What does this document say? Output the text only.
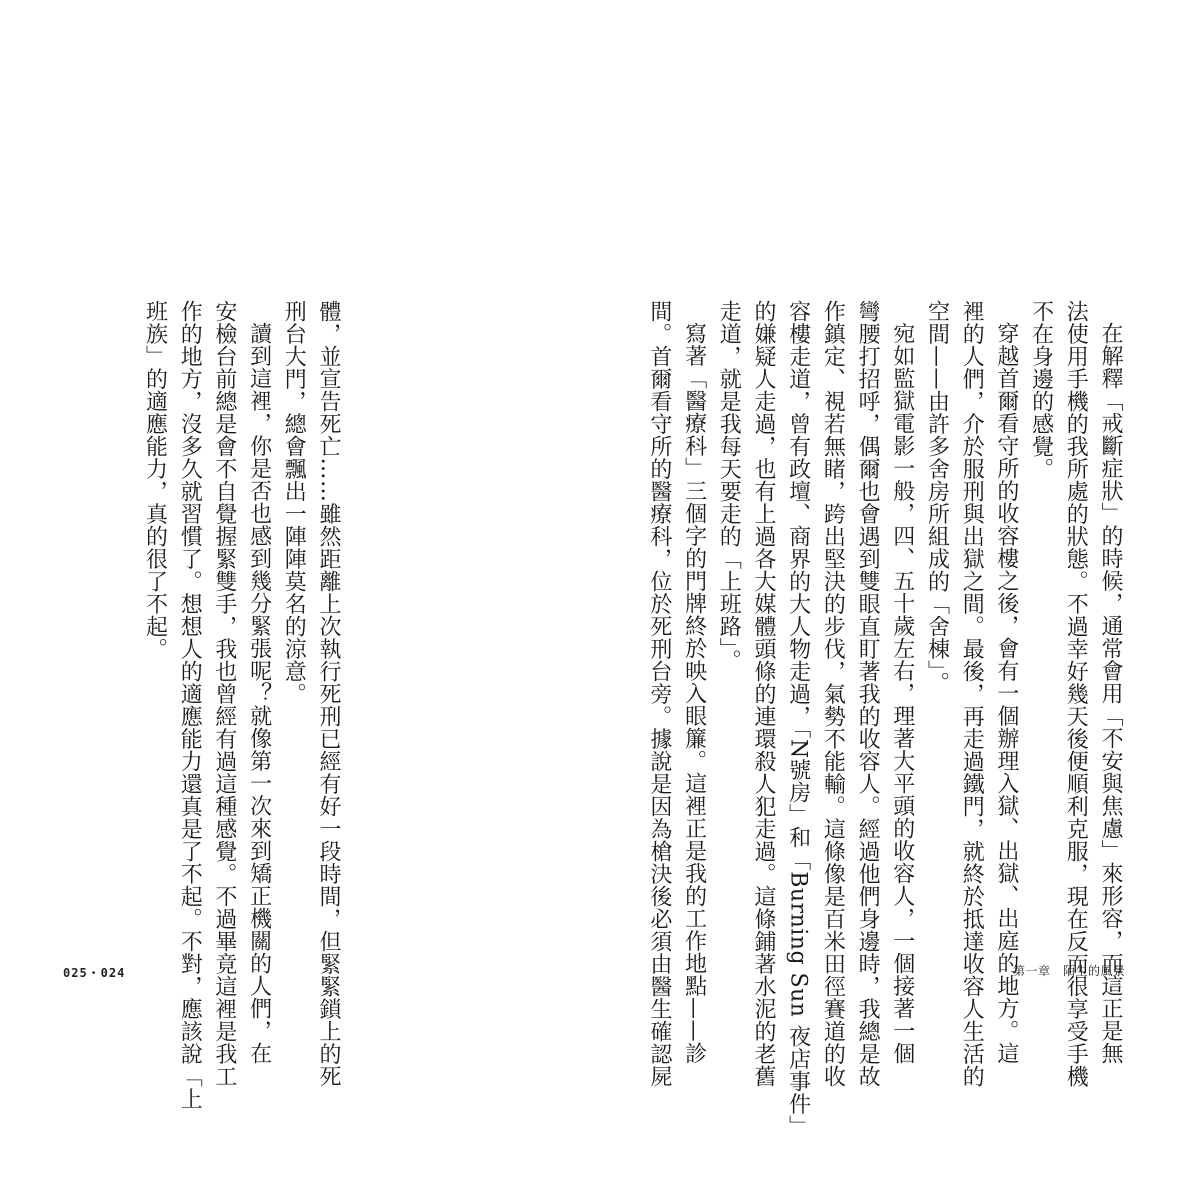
在解釋「戒斷症狀」的時候，通常會用「不安與焦慮」來形容，而這正是無

法使用手機的我所處的狀態。不過幸好幾天後便順利克服，現在反而很享受手機

不在身邊的感覺。

穿越首爾看守所的收容樓之後，會有一個辦理入獄、出獄、出庭的地方。這

裡的人們，介於服刑與出獄之間。最後，再走過鐵門，就終於抵達收容人生活的

空間——由許多舍房所組成的「舍棟」。

宛如監獄電影一般，四、五十歲左右，理著大平頭的收容人，一個接著一個

彎腰打招呼，偶爾也會遇到雙眼直盯著我的收容人。經過他們身邊時，我總是故

作鎮定、視若無睹，跨出堅決的步伐，氣勢不能輸。這條像是百米田徑賽道的收

容樓走道，曾有政壇、商界的大人物走過，「N號房」和「Burning Sun 夜店事件」

的嫌疑人走過，也有上過各大媒體頭條的連環殺人犯走過。這條鋪著水泥的老舊

走道，就是我每天要走的「上班路」。

寫著「醫療科」三個字的門牌終於映入眼簾。這裡正是我的工作地點——診

間。首爾看守所的醫療科，位於死刑台旁。據說是因為槍決後必須由醫生確認屍

體，並宣告死亡……雖然距離上次執行死刑已經有好一段時間，但緊緊鎖上的死

刑台大門，總會飄出一陣陣莫名的涼意。

讀到這裡，你是否也感到幾分緊張呢？就像第一次來到矯正機關的人們，在

安檢台前總是會不自覺握緊雙手，我也曾經有過這種感覺。不過畢竟這裡是我工

作的地方，沒多久就習慣了。想想人的適應能力還真是了不起。不對，應該說「上

班族」的適應能力，真的很了不起。

025・024	第一章　陌生的風景
